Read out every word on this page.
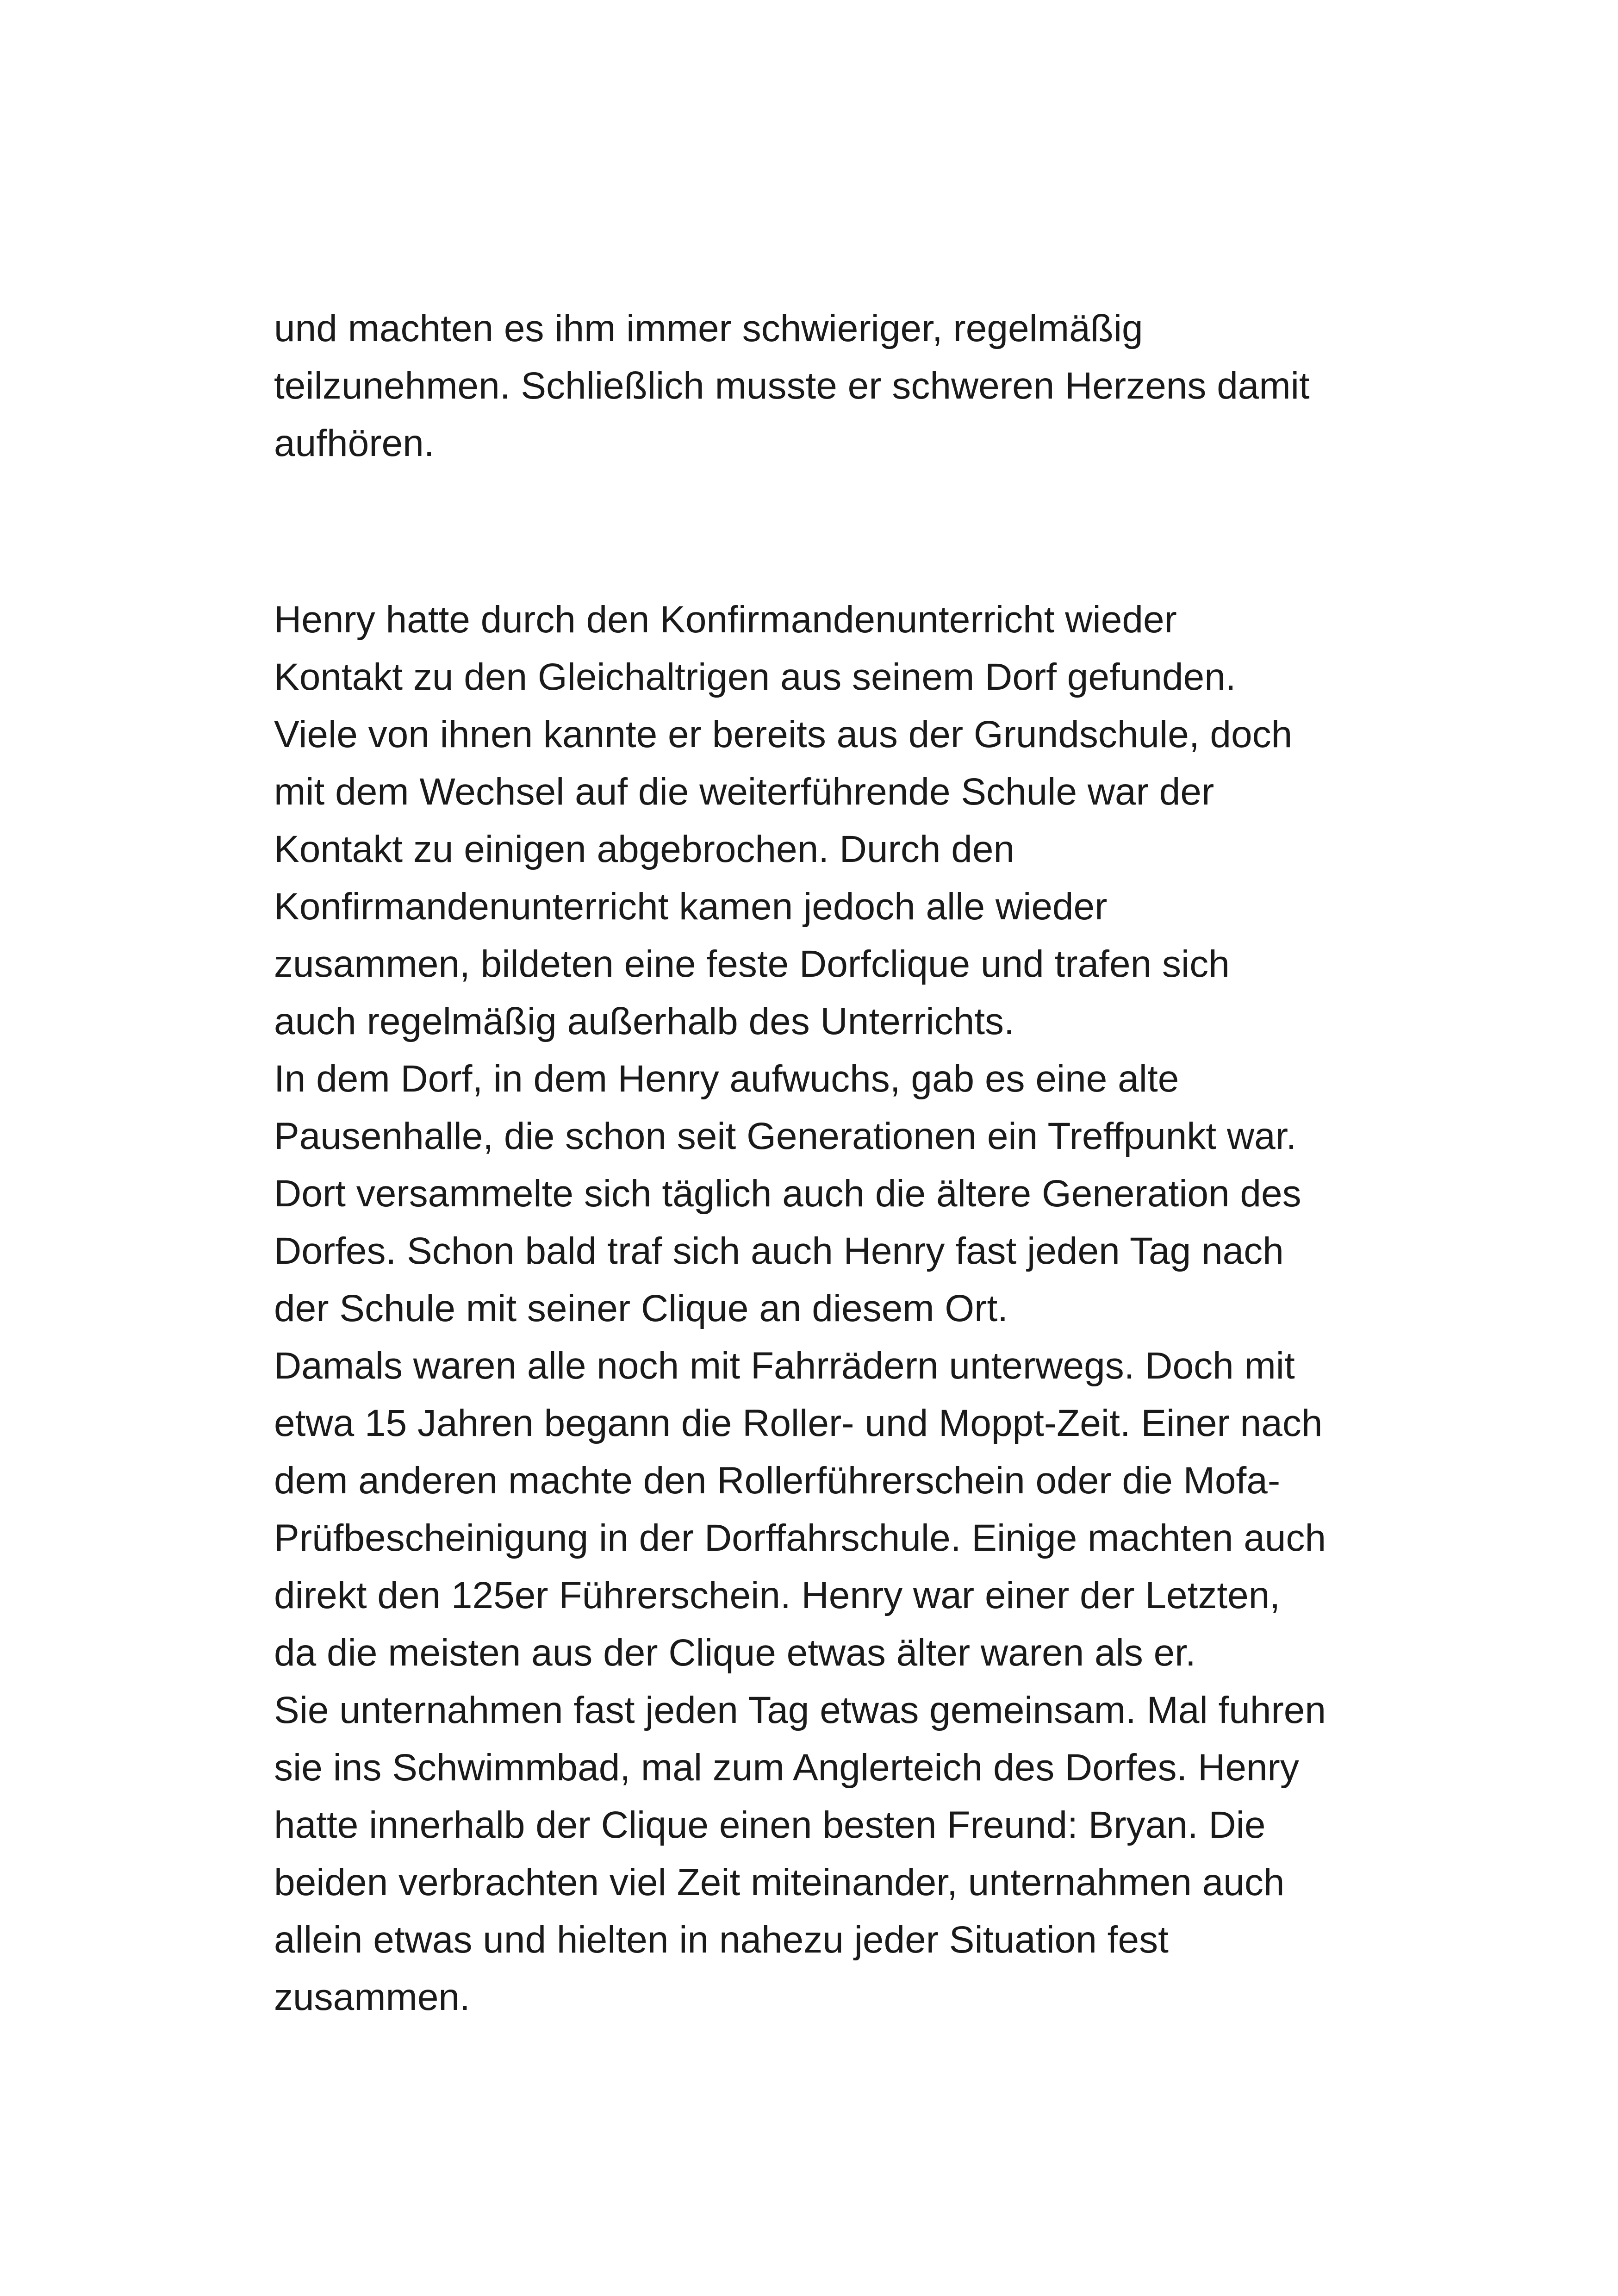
und machten es ihm immer schwieriger, regelmäßig
teilzunehmen. Schließlich musste er schweren Herzens damit
aufhören.
Henry hatte durch den Konfirmandenunterricht wieder
Kontakt zu den Gleichaltrigen aus seinem Dorf gefunden.
Viele von ihnen kannte er bereits aus der Grundschule, doch
mit dem Wechsel auf die weiterführende Schule war der
Kontakt zu einigen abgebrochen. Durch den
Konfirmandenunterricht kamen jedoch alle wieder
zusammen, bildeten eine feste Dorfclique und trafen sich
auch regelmäßig außerhalb des Unterrichts.
In dem Dorf, in dem Henry aufwuchs, gab es eine alte
Pausenhalle, die schon seit Generationen ein Treffpunkt war.
Dort versammelte sich täglich auch die ältere Generation des
Dorfes. Schon bald traf sich auch Henry fast jeden Tag nach
der Schule mit seiner Clique an diesem Ort.
Damals waren alle noch mit Fahrrädern unterwegs. Doch mit
etwa 15 Jahren begann die Roller- und Moppt-Zeit. Einer nach
dem anderen machte den Rollerführerschein oder die Mofa-
Prüfbescheinigung in der Dorffahrschule. Einige machten auch
direkt den 125er Führerschein. Henry war einer der Letzten,
da die meisten aus der Clique etwas älter waren als er.
Sie unternahmen fast jeden Tag etwas gemeinsam. Mal fuhren
sie ins Schwimmbad, mal zum Anglerteich des Dorfes. Henry
hatte innerhalb der Clique einen besten Freund: Bryan. Die
beiden verbrachten viel Zeit miteinander, unternahmen auch
allein etwas und hielten in nahezu jeder Situation fest
zusammen.
